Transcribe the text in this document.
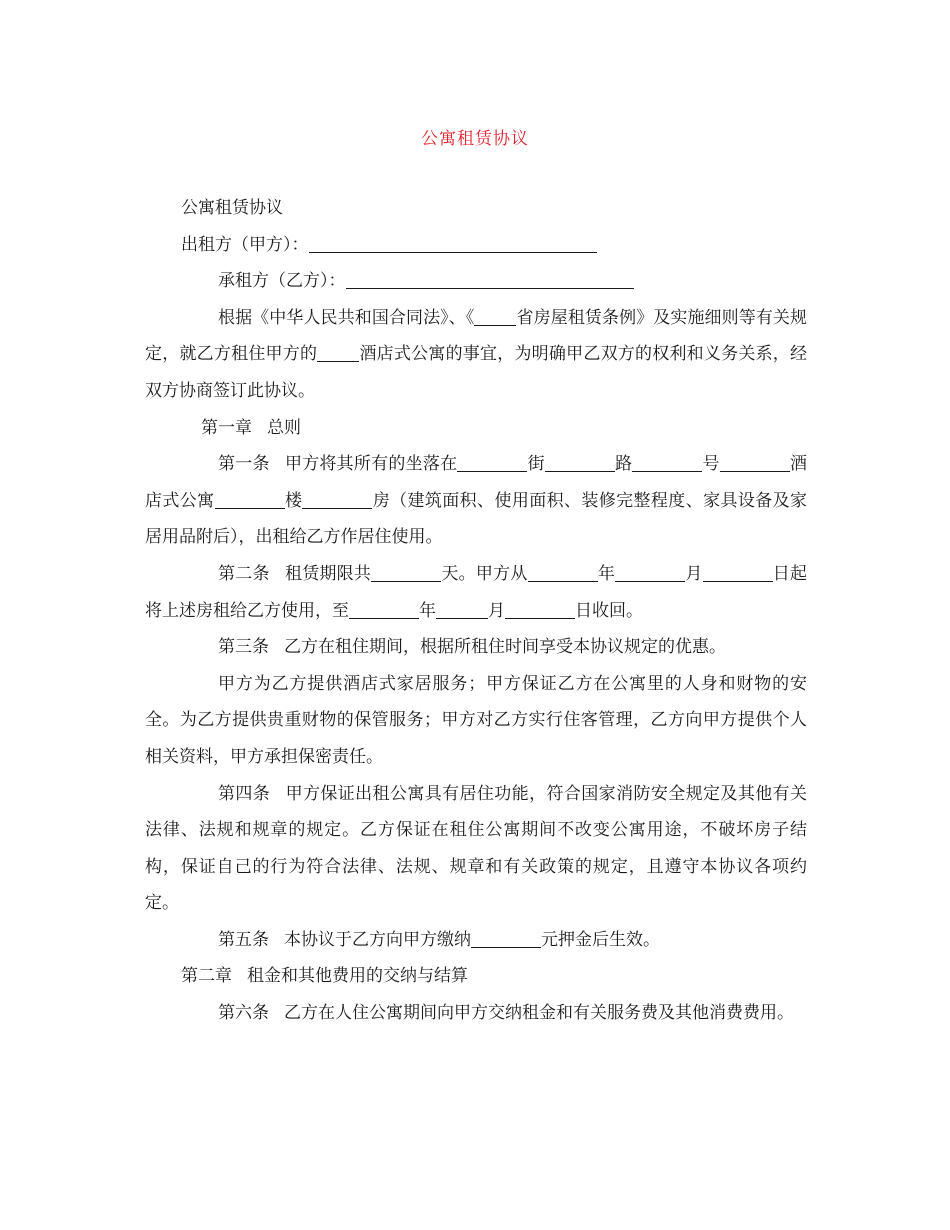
公寓租赁协议

公寓租赁协议

出租方（甲方）：

承租方（乙方）：

根据《中华人民共和国合同法》、《 省房屋租赁条例》及实施细则等有关规定，就乙方租住甲方的 酒店式公寓的事宜，为明确甲乙双方的权利和义务关系，经双方协商签订此协议。

第一章 总则

第一条 甲方将其所有的坐落在	街	路	号	酒店式公寓	楼	房（建筑面积、使用面积、装修完整程度、家具设备及家居用品附后），出租给乙方作居住使用。

第二条 租赁期限共	天。甲方从	年	月	日起将上述房租给乙方使用，至	年	月	日收回。

第三条 乙方在租住期间，根据所租住时间享受本协议规定的优惠。

甲方为乙方提供酒店式家居服务；甲方保证乙方在公寓里的人身和财物的安全。为乙方提供贵重财物的保管服务；甲方对乙方实行住客管理，乙方向甲方提供个人相关资料，甲方承担保密责任。

第四条 甲方保证出租公寓具有居住功能，符合国家消防安全规定及其他有关法律、法规和规章的规定。乙方保证在租住公寓期间不改变公寓用途，不破坏房子结构，保证自己的行为符合法律、法规、规章和有关政策的规定，且遵守本协议各项约定。

第五条 本协议于乙方向甲方缴纳	元押金后生效。

第二章 租金和其他费用的交纳与结算

第六条 乙方在人住公寓期间向甲方交纳租金和有关服务费及其他消费费用。
